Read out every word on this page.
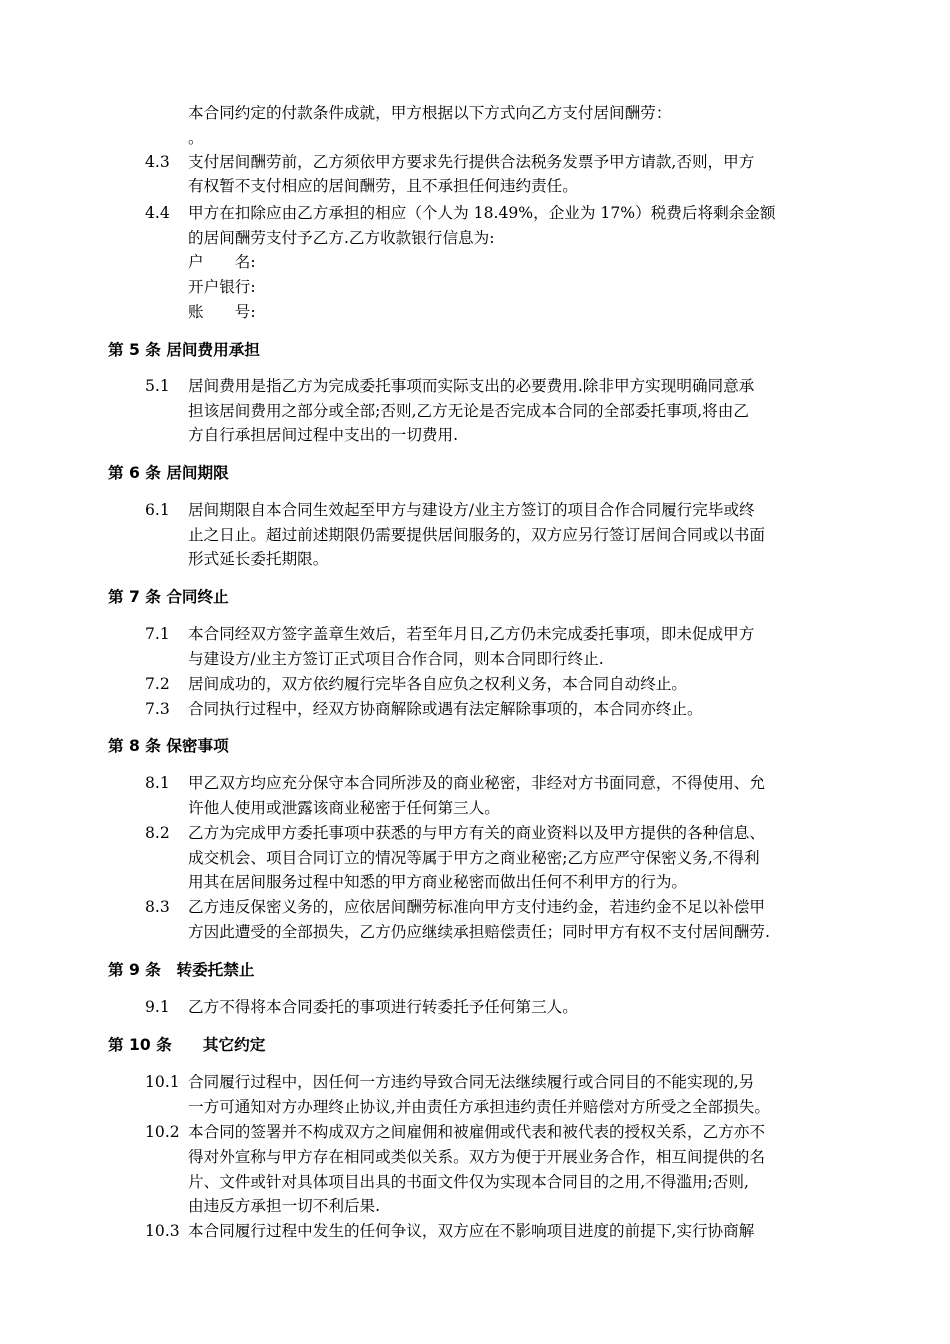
本合同约定的付款条件成就，甲方根据以下方式向乙方支付居间酬劳：
。
4.3 支付居间酬劳前，乙方须依甲方要求先行提供合法税务发票予甲方请款,否则，甲方
有权暂不支付相应的居间酬劳，且不承担任何违约责任。
4.4 甲方在扣除应由乙方承担的相应（个人为 18.49%，企业为 17%）税费后将剩余金额
的居间酬劳支付予乙方.乙方收款银行信息为:
户　　名:
开户银行:
账　　号:
第 5 条 居间费用承担
5.1 居间费用是指乙方为完成委托事项而实际支出的必要费用.除非甲方实现明确同意承
担该居间费用之部分或全部;否则,乙方无论是否完成本合同的全部委托事项,将由乙
方自行承担居间过程中支出的一切费用.
第 6 条 居间期限
6.1 居间期限自本合同生效起至甲方与建设方/业主方签订的项目合作合同履行完毕或终
止之日止。超过前述期限仍需要提供居间服务的，双方应另行签订居间合同或以书面
形式延长委托期限。
第 7 条 合同终止
7.1 本合同经双方签字盖章生效后，若至年月日,乙方仍未完成委托事项，即未促成甲方
与建设方/业主方签订正式项目合作合同，则本合同即行终止.
7.2 居间成功的，双方依约履行完毕各自应负之权利义务，本合同自动终止。
7.3 合同执行过程中，经双方协商解除或遇有法定解除事项的，本合同亦终止。
第 8 条 保密事项
8.1 甲乙双方均应充分保守本合同所涉及的商业秘密，非经对方书面同意，不得使用、允
许他人使用或泄露该商业秘密于任何第三人。
8.2 乙方为完成甲方委托事项中获悉的与甲方有关的商业资料以及甲方提供的各种信息、
成交机会、项目合同订立的情况等属于甲方之商业秘密;乙方应严守保密义务,不得利
用其在居间服务过程中知悉的甲方商业秘密而做出任何不利甲方的行为。
8.3 乙方违反保密义务的，应依居间酬劳标准向甲方支付违约金，若违约金不足以补偿甲
方因此遭受的全部损失，乙方仍应继续承担赔偿责任；同时甲方有权不支付居间酬劳.
第 9 条　转委托禁止
9.1 乙方不得将本合同委托的事项进行转委托予任何第三人。
第 10 条　　其它约定
10.1 合同履行过程中，因任何一方违约导致合同无法继续履行或合同目的不能实现的,另
一方可通知对方办理终止协议,并由责任方承担违约责任并赔偿对方所受之全部损失。
10.2 本合同的签署并不构成双方之间雇佣和被雇佣或代表和被代表的授权关系，乙方亦不
得对外宣称与甲方存在相同或类似关系。双方为便于开展业务合作，相互间提供的名
片、文件或针对具体项目出具的书面文件仅为实现本合同目的之用,不得滥用;否则,
由违反方承担一切不利后果.
10.3 本合同履行过程中发生的任何争议，双方应在不影响项目进度的前提下,实行协商解
